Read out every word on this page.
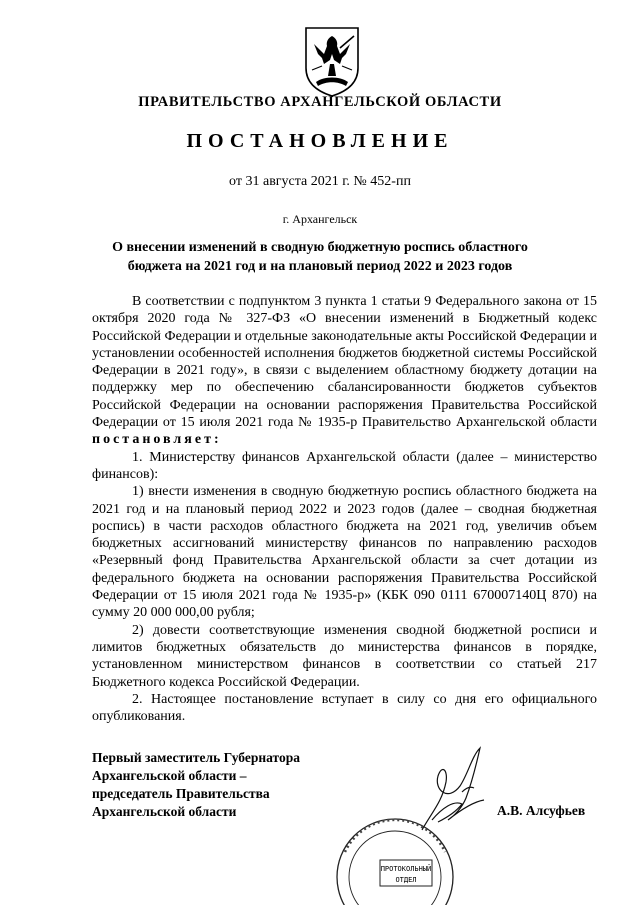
ПРАВИТЕЛЬСТВО АРХАНГЕЛЬСКОЙ ОБЛАСТИ
ПОСТАНОВЛЕНИЕ
от 31 августа 2021 г. № 452-пп
г. Архангельск
О внесении изменений в сводную бюджетную роспись областного бюджета на 2021 год и на плановый период 2022 и 2023 годов

В соответствии с подпунктом 3 пункта 1 статьи 9 Федерального закона от 15 октября 2020 года № 327-ФЗ «О внесении изменений в Бюджетный кодекс Российской Федерации и отдельные законодательные акты Российской Федерации и установлении особенностей исполнения бюджетов бюджетной системы Российской Федерации в 2021 году», в связи с выделением областному бюджету дотации на поддержку мер по обеспечению сбалансированности бюджетов субъектов Российской Федерации на основании распоряжения Правительства Российской Федерации от 15 июля 2021 года № 1935-р Правительство Архангельской области постановляет:

1. Министерству финансов Архангельской области (далее – министерство финансов):

1) внести изменения в сводную бюджетную роспись областного бюджета на 2021 год и на плановый период 2022 и 2023 годов (далее – сводная бюджетная роспись) в части расходов областного бюджета на 2021 год, увеличив объем бюджетных ассигнований министерству финансов по направлению расходов «Резервный фонд Правительства Архангельской области за счет дотации из федерального бюджета на основании распоряжения Правительства Российской Федерации от 15 июля 2021 года № 1935-р» (КБК 090 0111 670007140Ц 870) на сумму 20 000 000,00 рубля;

2) довести соответствующие изменения сводной бюджетной росписи и лимитов бюджетных обязательств до министерства финансов в порядке, установленном министерством финансов в соответствии со статьей 217 Бюджетного кодекса Российской Федерации.

2. Настоящее постановление вступает в силу со дня его официального опубликования.

Первый заместитель Губернатора
Архангельской области –
председатель Правительства
Архангельской области	А.В. Алсуфьев
ПРОТОКОЛЬНЫЙ
ОТДЕЛ
